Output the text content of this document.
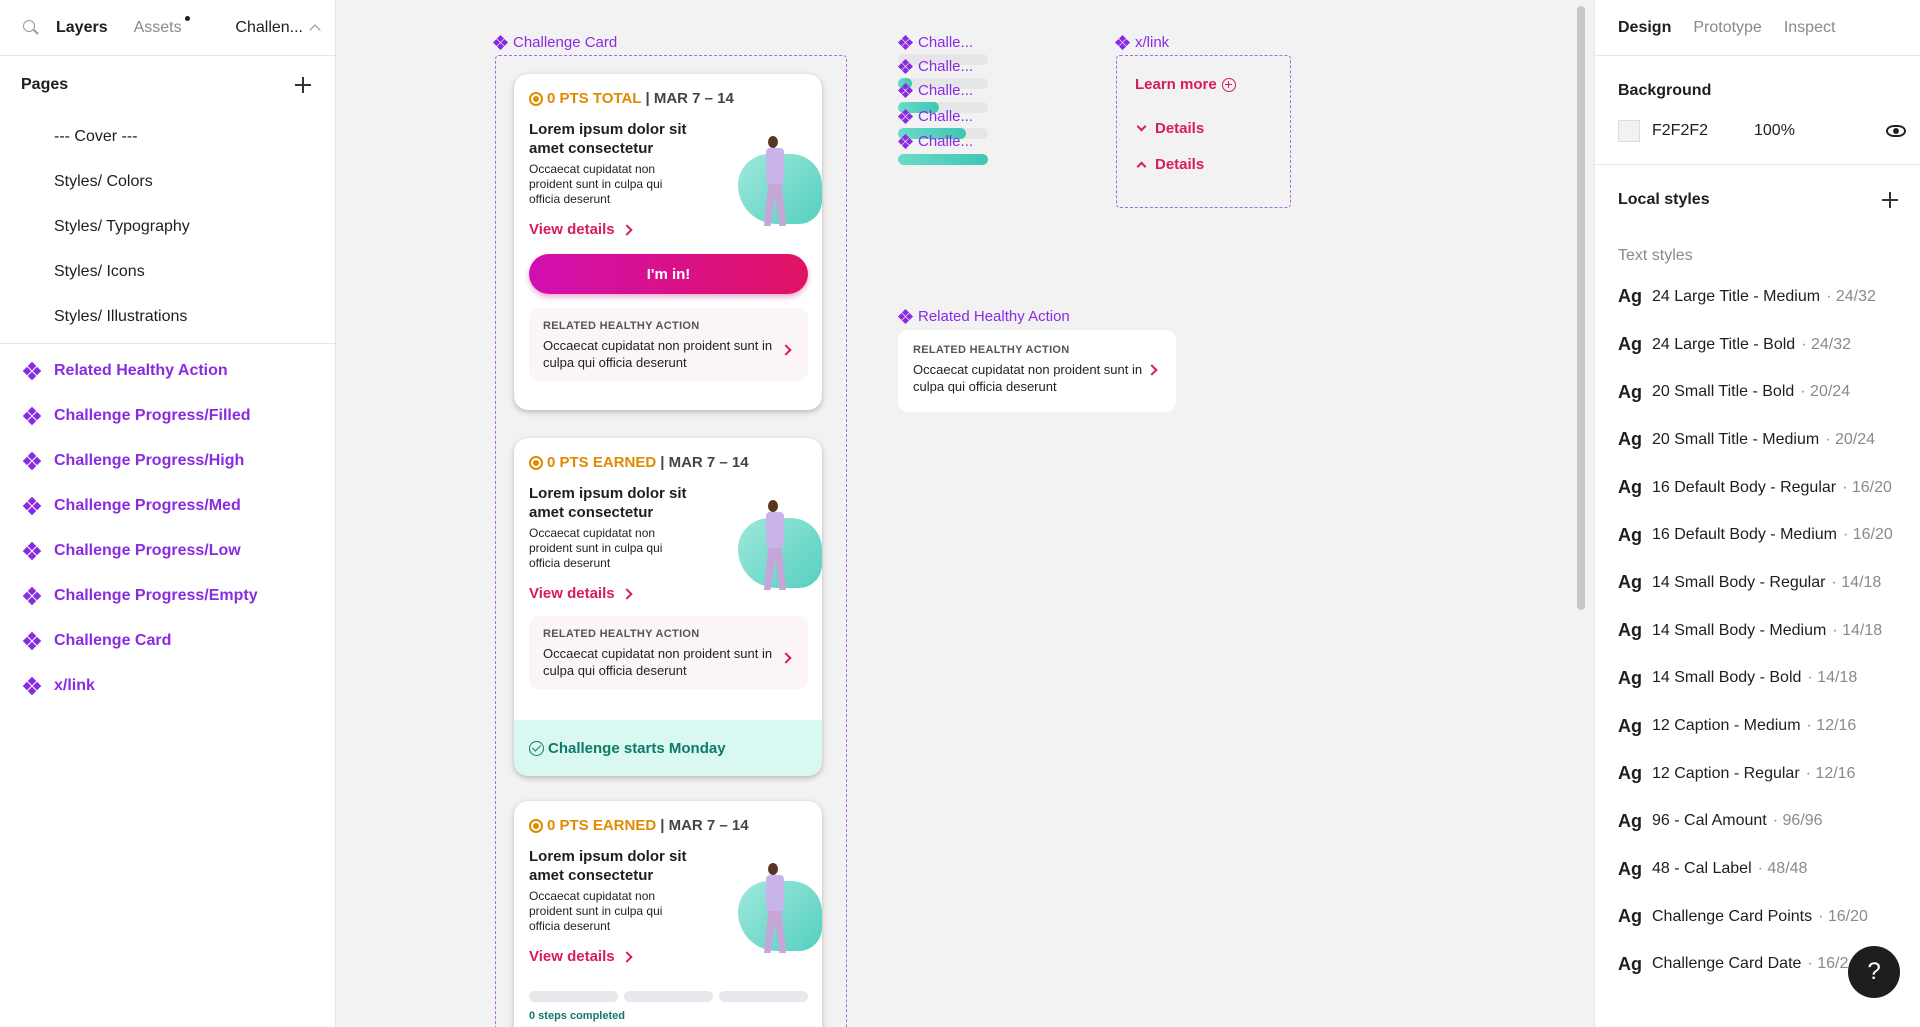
Layers Assets	Challen...
Pages
--- Cover ---
Styles/ Colors
Styles/ Typography
Styles/ Icons
Styles/ Illustrations
Related Healthy Action
Challenge Progress/Filled
Challenge Progress/High
Challenge Progress/Med
Challenge Progress/Low
Challenge Progress/Empty
Challenge Card
x/link
Challenge Card
0 PTS TOTAL | MAR 7 – 14
Lorem ipsum dolor sit amet consectetur
Occaecat cupidatat non proident sunt in culpa qui officia deserunt
View details
I'm in!
RELATED HEALTHY ACTION
Occaecat cupidatat non proident sunt in culpa qui officia deserunt
0 PTS EARNED | MAR 7 – 14
Lorem ipsum dolor sit amet consectetur
Occaecat cupidatat non proident sunt in culpa qui officia deserunt
View details
RELATED HEALTHY ACTION
Occaecat cupidatat non proident sunt in culpa qui officia deserunt
Challenge starts Monday
0 PTS EARNED | MAR 7 – 14
Lorem ipsum dolor sit amet consectetur
Occaecat cupidatat non proident sunt in culpa qui officia deserunt
View details
0 steps completed
Challe...
Challe...
Challe...
Challe...
Challe...
x/link
Learn more
Details
Details
Related Healthy Action
RELATED HEALTHY ACTION
Occaecat cupidatat non proident sunt in culpa qui officia deserunt
Design Prototype Inspect
Background
F2F2F2	100%
Local styles
Text styles
Ag 24 Large Title - Medium · 24/32
Ag 24 Large Title - Bold · 24/32
Ag 20 Small Title - Bold · 20/24
Ag 20 Small Title - Medium · 20/24
Ag 16 Default Body - Regular · 16/20
Ag 16 Default Body - Medium · 16/20
Ag 14 Small Body - Regular · 14/18
Ag 14 Small Body - Medium · 14/18
Ag 14 Small Body - Bold · 14/18
Ag 12 Caption - Medium · 12/16
Ag 12 Caption - Regular · 12/16
Ag 96 - Cal Amount · 96/96
Ag 48 - Cal Label · 48/48
Ag Challenge Card Points · 16/20
Ag Challenge Card Date · 16/2 ?
